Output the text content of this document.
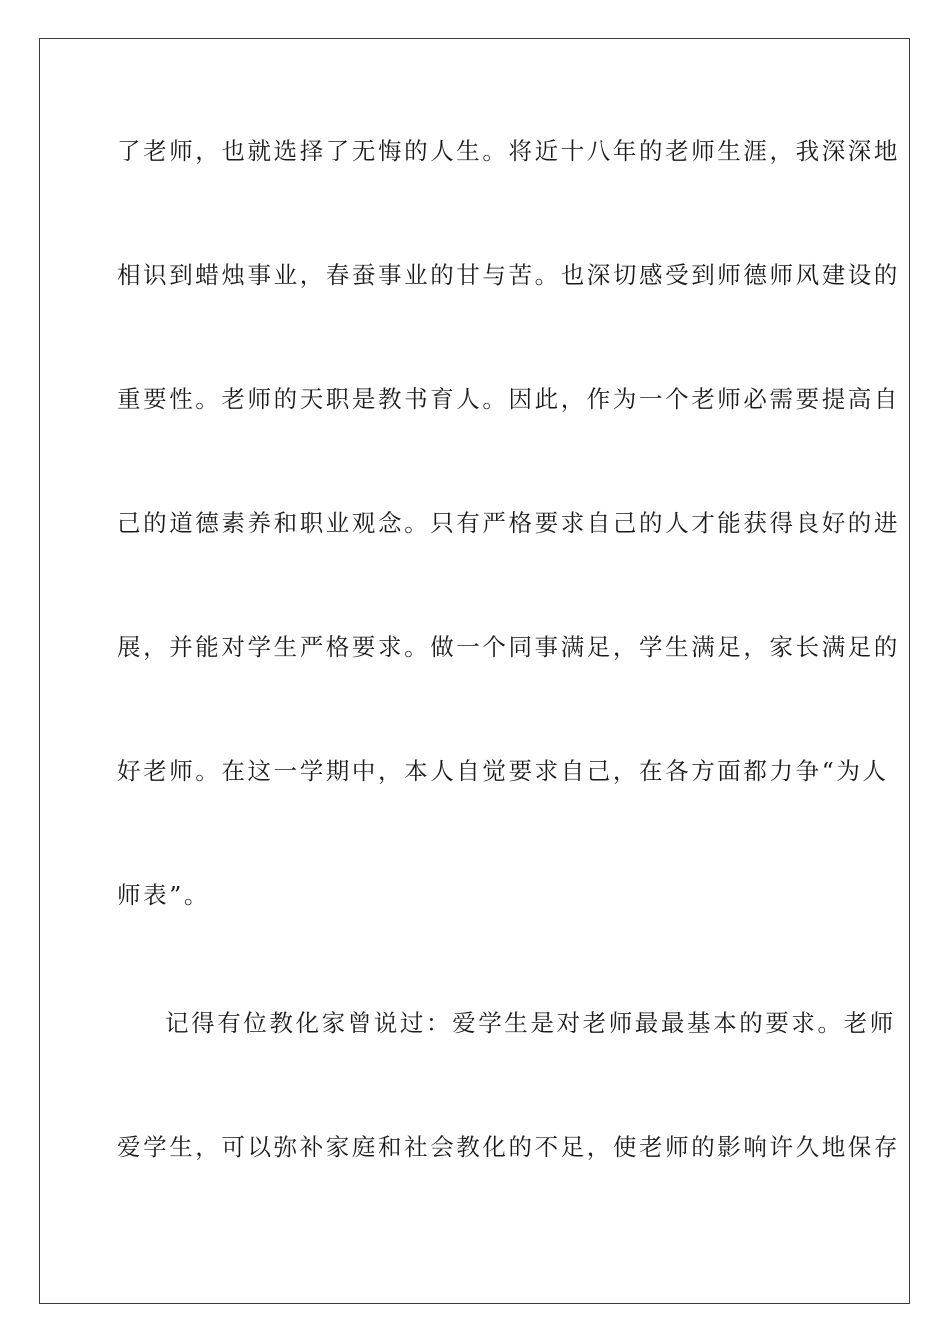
了老师，也就选择了无悔的人生。将近十八年的老师生涯，我深深地
相识到蜡烛事业，春蚕事业的甘与苦。也深切感受到师德师风建设的
重要性。老师的天职是教书育人。因此，作为一个老师必需要提高自
己的道德素养和职业观念。只有严格要求自己的人才能获得良好的进
展，并能对学生严格要求。做一个同事满足，学生满足，家长满足的
好老师。在这一学期中，本人自觉要求自己，在各方面都力争“为人
师表”。
记得有位教化家曾说过：爱学生是对老师最最基本的要求。老师
爱学生，可以弥补家庭和社会教化的不足，使老师的影响许久地保存
